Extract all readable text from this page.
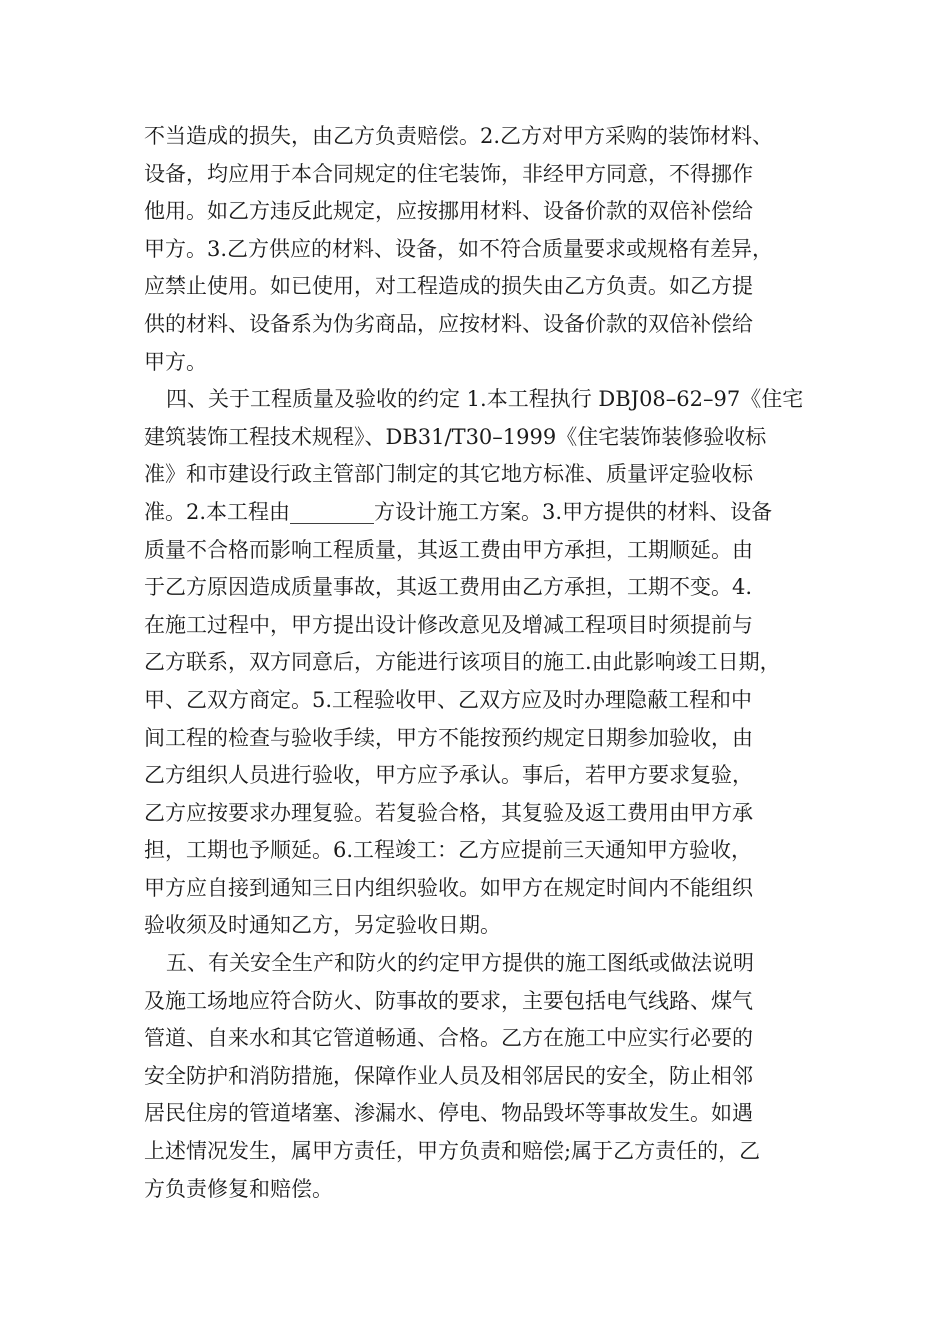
不当造成的损失，由乙方负责赔偿。2.乙方对甲方采购的装饰材料、
设备，均应用于本合同规定的住宅装饰，非经甲方同意，不得挪作
他用。如乙方违反此规定，应按挪用材料、设备价款的双倍补偿给
甲方。3.乙方供应的材料、设备，如不符合质量要求或规格有差异，
应禁止使用。如已使用，对工程造成的损失由乙方负责。如乙方提
供的材料、设备系为伪劣商品，应按材料、设备价款的双倍补偿给
甲方。

四、关于工程质量及验收的约定 1.本工程执行 DBJ08–62–97《住宅
建筑装饰工程技术规程》、DB31/T30–1999《住宅装饰装修验收标
准》和市建设行政主管部门制定的其它地方标准、质量评定验收标
准。2.本工程由________方设计施工方案。3.甲方提供的材料、设备
质量不合格而影响工程质量，其返工费由甲方承担，工期顺延。由
于乙方原因造成质量事故，其返工费用由乙方承担，工期不变。4.
在施工过程中，甲方提出设计修改意见及增减工程项目时须提前与
乙方联系，双方同意后，方能进行该项目的施工.由此影响竣工日期，
甲、乙双方商定。5.工程验收甲、乙双方应及时办理隐蔽工程和中
间工程的检查与验收手续，甲方不能按预约规定日期参加验收，由
乙方组织人员进行验收，甲方应予承认。事后，若甲方要求复验，
乙方应按要求办理复验。若复验合格，其复验及返工费用由甲方承
担，工期也予顺延。6.工程竣工：乙方应提前三天通知甲方验收，
甲方应自接到通知三日内组织验收。如甲方在规定时间内不能组织
验收须及时通知乙方，另定验收日期。

五、有关安全生产和防火的约定甲方提供的施工图纸或做法说明
及施工场地应符合防火、防事故的要求，主要包括电气线路、煤气
管道、自来水和其它管道畅通、合格。乙方在施工中应实行必要的
安全防护和消防措施，保障作业人员及相邻居民的安全，防止相邻
居民住房的管道堵塞、渗漏水、停电、物品毁坏等事故发生。如遇
上述情况发生，属甲方责任，甲方负责和赔偿;属于乙方责任的，乙
方负责修复和赔偿。
